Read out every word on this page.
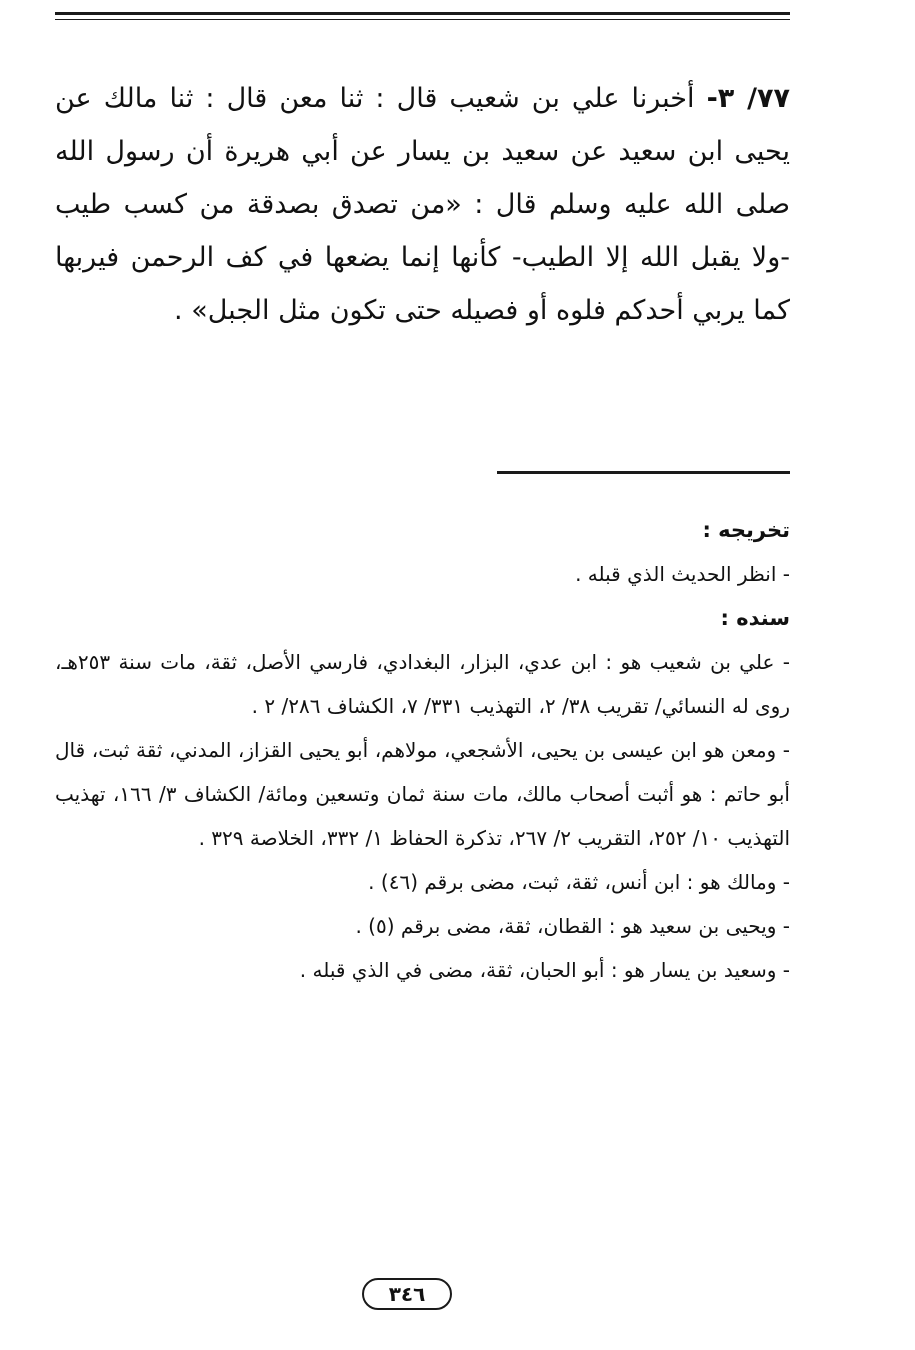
٧٧/ ٣- أخبرنا علي بن شعيب قال : ثنا معن قال : ثنا مالك عن يحيى ابن سعيد عن سعيد بن يسار عن أبي هريرة أن رسول الله صلى الله عليه وسلم قال : «من تصدق بصدقة من كسب طيب -ولا يقبل الله إلا الطيب- كأنها إنما يضعها في كف الرحمن فيربها كما يربي أحدكم فلوه أو فصيله حتى تكون مثل الجبل» .

تخريجه :

- انظر الحديث الذي قبله .

سنده :

- علي بن شعيب هو : ابن عدي، البزار، البغدادي، فارسي الأصل، ثقة، مات سنة ٢٥٣هـ، روى له النسائي/ تقريب ٣٨/ ٢، التهذيب ٣٣١/ ٧، الكشاف ٢٨٦/ ٢ .

- ومعن هو ابن عيسى بن يحيى، الأشجعي، مولاهم، أبو يحيى القزاز، المدني، ثقة ثبت، قال أبو حاتم : هو أثبت أصحاب مالك، مات سنة ثمان وتسعين ومائة/ الكشاف ٣/ ١٦٦، تهذيب التهذيب ١٠/ ٢٥٢، التقريب ٢/ ٢٦٧، تذكرة الحفاظ ١/ ٣٣٢، الخلاصة ٣٢٩ .

- ومالك هو : ابن أنس، ثقة، ثبت، مضى برقم (٤٦) .

- ويحيى بن سعيد هو : القطان، ثقة، مضى برقم (٥) .

- وسعيد بن يسار هو : أبو الحبان، ثقة، مضى في الذي قبله .

٣٤٦
